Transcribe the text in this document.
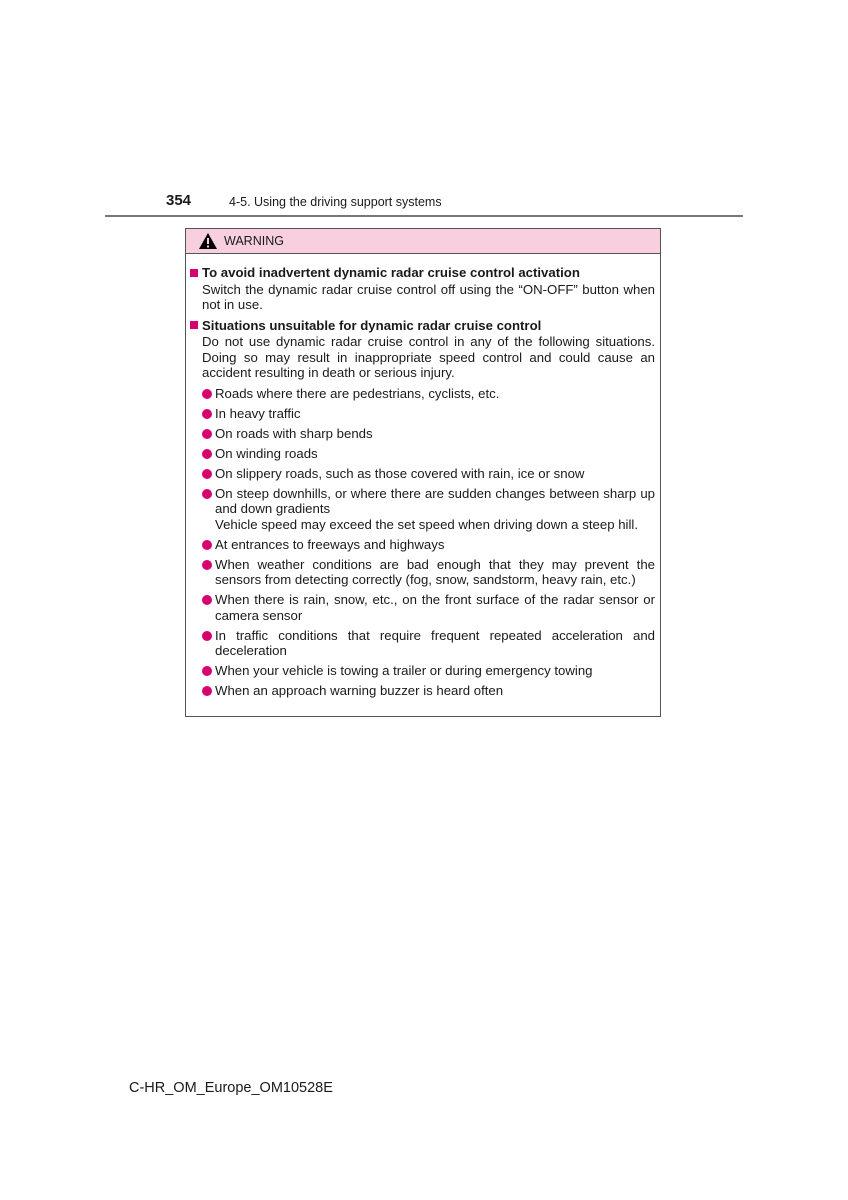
354	4-5. Using the driving support systems
WARNING
To avoid inadvertent dynamic radar cruise control activation
Switch the dynamic radar cruise control off using the “ON-OFF” button when not in use.
Situations unsuitable for dynamic radar cruise control
Do not use dynamic radar cruise control in any of the following situations. Doing so may result in inappropriate speed control and could cause an accident resulting in death or serious injury.
Roads where there are pedestrians, cyclists, etc.
In heavy traffic
On roads with sharp bends
On winding roads
On slippery roads, such as those covered with rain, ice or snow
On steep downhills, or where there are sudden changes between sharp up and down gradients
Vehicle speed may exceed the set speed when driving down a steep hill.
At entrances to freeways and highways
When weather conditions are bad enough that they may prevent the sensors from detecting correctly (fog, snow, sandstorm, heavy rain, etc.)
When there is rain, snow, etc., on the front surface of the radar sensor or camera sensor
In traffic conditions that require frequent repeated acceleration and deceleration
When your vehicle is towing a trailer or during emergency towing
When an approach warning buzzer is heard often
C-HR_OM_Europe_OM10528E
